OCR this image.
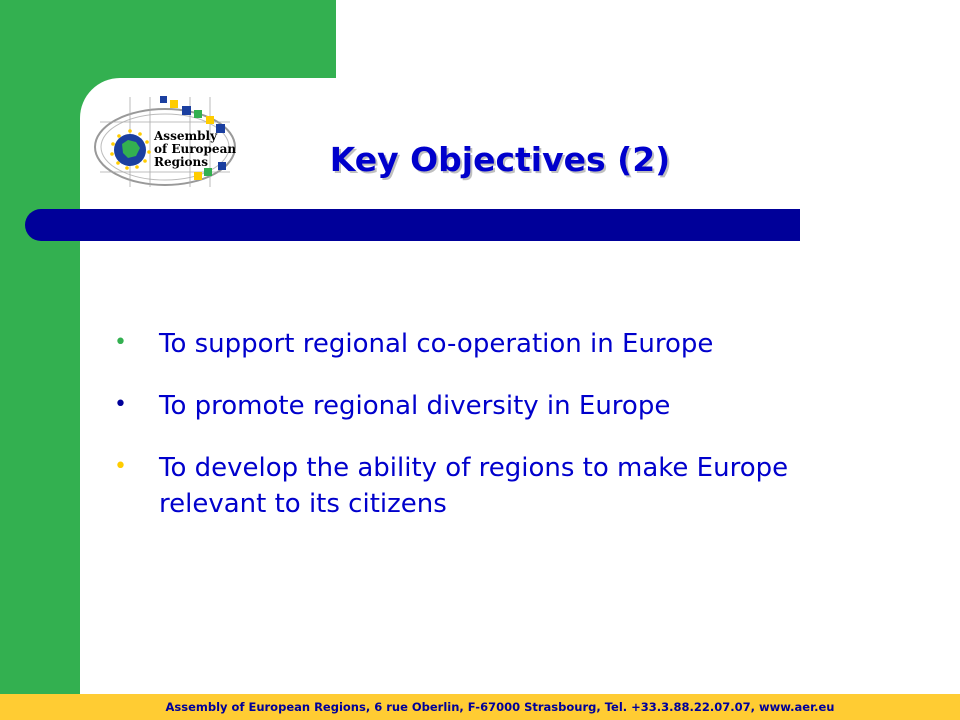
Assembly
of European
Regions	Key Objectives (2)
• To support regional co-operation in Europe
• To promote regional diversity in Europe
• To develop the ability of regions to make Europe relevant to its citizens
Assembly of European Regions, 6 rue Oberlin, F-67000 Strasbourg, Tel. +33.3.88.22.07.07, www.aer.eu
